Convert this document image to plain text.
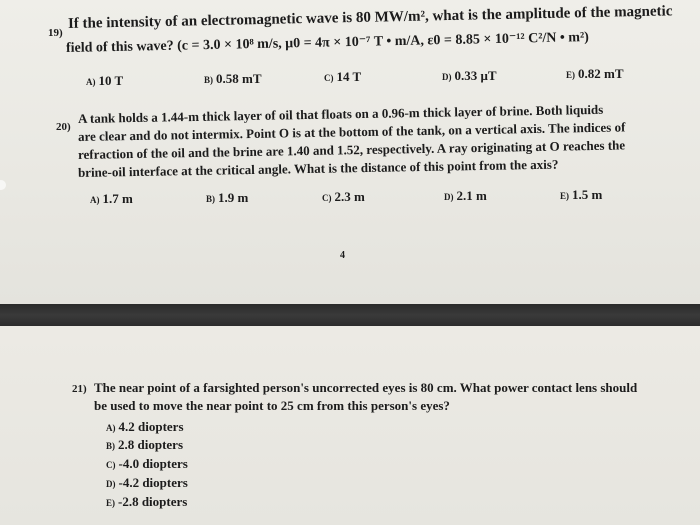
19)
If the intensity of an electromagnetic wave is 80 MW/m², what is the amplitude of the magnetic
field of this wave? (c = 3.0 × 10⁸ m/s, μ0 = 4π × 10⁻⁷ T • m/A, ε0 = 8.85 × 10⁻¹² C²/N • m²)
A) 10 T	B) 0.58 mT	C) 14 T	D) 0.33 μT	E) 0.82 mT
20)
A tank holds a 1.44-m thick layer of oil that floats on a 0.96-m thick layer of brine. Both liquids
are clear and do not intermix. Point O is at the bottom of the tank, on a vertical axis. The indices of
refraction of the oil and the brine are 1.40 and 1.52, respectively. A ray originating at O reaches the
brine-oil interface at the critical angle. What is the distance of this point from the axis?
A) 1.7 m	B) 1.9 m	C) 2.3 m	D) 2.1 m	E) 1.5 m
4
21) The near point of a farsighted person's uncorrected eyes is 80 cm. What power contact lens should
be used to move the near point to 25 cm from this person's eyes?
A) 4.2 diopters
B) 2.8 diopters
C) -4.0 diopters
D) -4.2 diopters
E) -2.8 diopters
